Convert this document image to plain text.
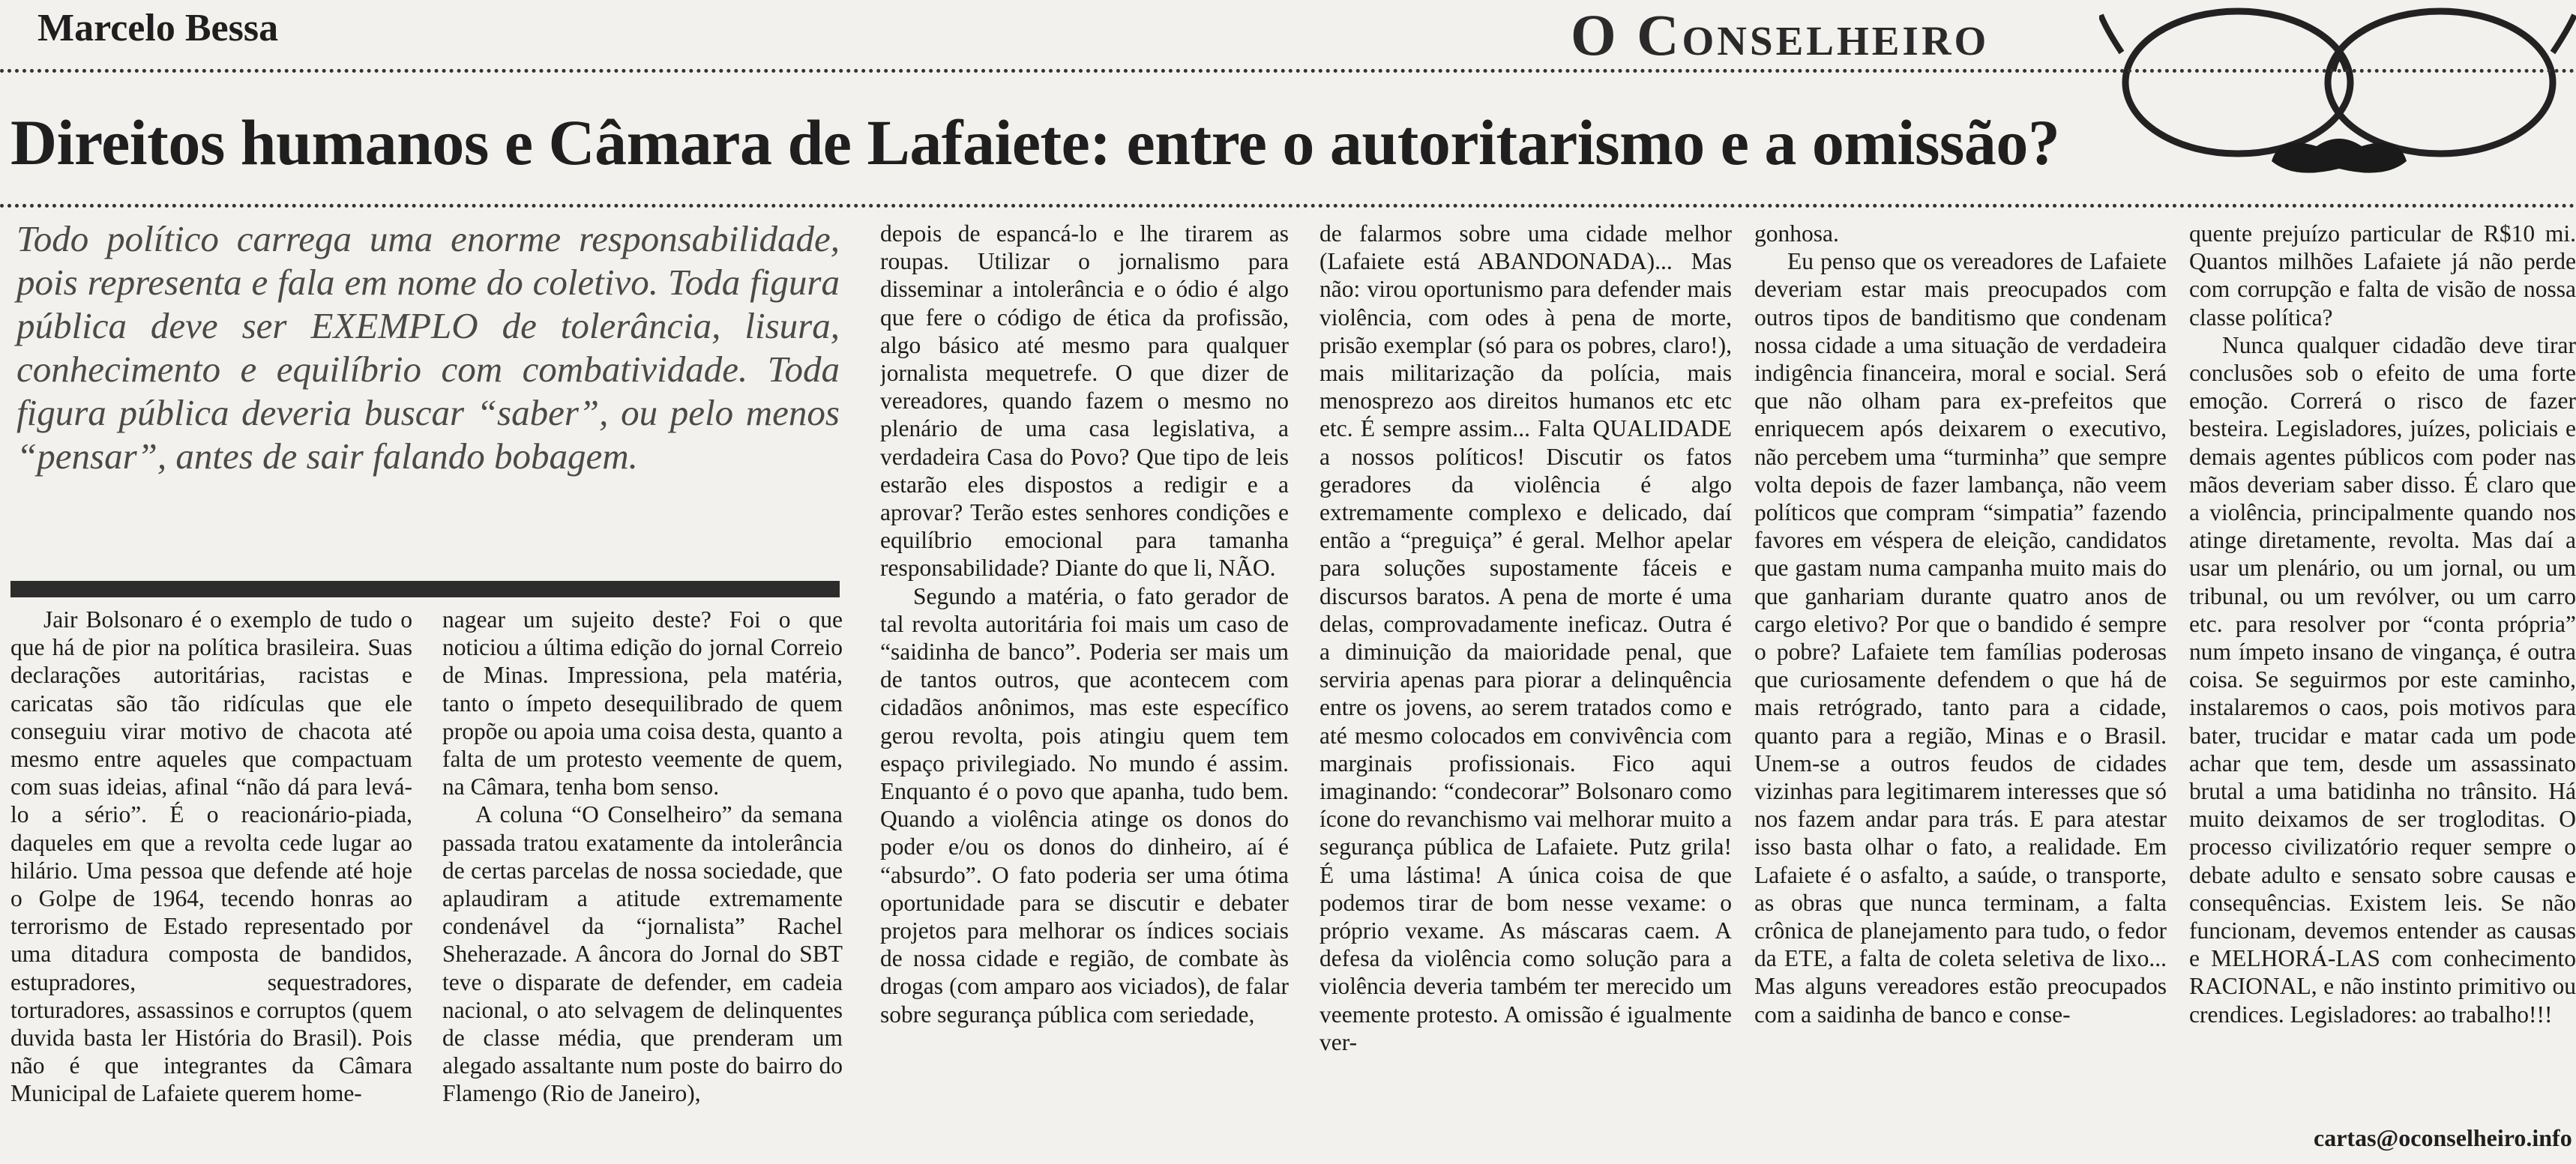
Marcelo Bessa	O Conselheiro
Direitos humanos e Câmara de Lafaiete: entre o autoritarismo e a omissão?
Todo político carrega uma enorme responsabilidade, pois representa e fala em nome do coletivo. Toda figura pública deve ser EXEMPLO de tolerância, lisura, conhecimento e equilíbrio com combatividade. Toda figura pública deveria buscar “saber”, ou pelo menos “pensar”, antes de sair falando bobagem.

Jair Bolsonaro é o exemplo de tudo o que há de pior na política brasileira. Suas declarações autoritárias, racistas e caricatas são tão ridículas que ele conseguiu virar motivo de chacota até mesmo entre aqueles que compactuam com suas ideias, afinal “não dá para levá-lo a sério”. É o reacionário-piada, daqueles em que a revolta cede lugar ao hilário. Uma pessoa que defende até hoje o Golpe de 1964, tecendo honras ao terrorismo de Estado representado por uma ditadura composta de bandidos, estupradores, sequestradores, torturadores, assassinos e corruptos (quem duvida basta ler História do Brasil). Pois não é que integrantes da Câmara Municipal de Lafaiete querem home-

nagear um sujeito deste? Foi o que noticiou a última edição do jornal Correio de Minas. Impressiona, pela matéria, tanto o ímpeto desequilibrado de quem propõe ou apoia uma coisa desta, quanto a falta de um protesto veemente de quem, na Câmara, tenha bom senso.

A coluna “O Conselheiro” da semana passada tratou exatamente da intolerância de certas parcelas de nossa sociedade, que aplaudiram a atitude extremamente condenável da “jornalista” Rachel Sheherazade. A âncora do Jornal do SBT teve o disparate de defender, em cadeia nacional, o ato selvagem de delinquentes de classe média, que prenderam um alegado assaltante num poste do bairro do Flamengo (Rio de Janeiro),

depois de espancá-lo e lhe tirarem as roupas. Utilizar o jornalismo para disseminar a intolerância e o ódio é algo que fere o código de ética da profissão, algo básico até mesmo para qualquer jornalista mequetrefe. O que dizer de vereadores, quando fazem o mesmo no plenário de uma casa legislativa, a verdadeira Casa do Povo? Que tipo de leis estarão eles dispostos a redigir e a aprovar? Terão estes senhores condições e equilíbrio emocional para tamanha responsabilidade? Diante do que li, NÃO.

Segundo a matéria, o fato gerador de tal revolta autoritária foi mais um caso de “saidinha de banco”. Poderia ser mais um de tantos outros, que acontecem com cidadãos anônimos, mas este específico gerou revolta, pois atingiu quem tem espaço privilegiado. No mundo é assim. Enquanto é o povo que apanha, tudo bem. Quando a violência atinge os donos do poder e/ou os donos do dinheiro, aí é “absurdo”. O fato poderia ser uma ótima oportunidade para se discutir e debater projetos para melhorar os índices sociais de nossa cidade e região, de combate às drogas (com amparo aos viciados), de falar sobre segurança pública com seriedade,

de falarmos sobre uma cidade melhor (Lafaiete está ABANDONADA)... Mas não: virou oportunismo para defender mais violência, com odes à pena de morte, prisão exemplar (só para os pobres, claro!), mais militarização da polícia, mais menosprezo aos direitos humanos etc etc etc. É sempre assim... Falta QUALIDADE a nossos políticos! Discutir os fatos geradores da violência é algo extremamente complexo e delicado, daí então a “preguiça” é geral. Melhor apelar para soluções supostamente fáceis e discursos baratos. A pena de morte é uma delas, comprovadamente ineficaz. Outra é a diminuição da maioridade penal, que serviria apenas para piorar a delinquência entre os jovens, ao serem tratados como e até mesmo colocados em convivência com marginais profissionais. Fico aqui imaginando: “condecorar” Bolsonaro como ícone do revanchismo vai melhorar muito a segurança pública de Lafaiete. Putz grila! É uma lástima! A única coisa de que podemos tirar de bom nesse vexame: o próprio vexame. As máscaras caem. A defesa da violência como solução para a violência deveria também ter merecido um veemente protesto. A omissão é igualmente ver-

gonhosa.

Eu penso que os vereadores de Lafaiete deveriam estar mais preocupados com outros tipos de banditismo que condenam nossa cidade a uma situação de verdadeira indigência financeira, moral e social. Será que não olham para ex-prefeitos que enriquecem após deixarem o executivo, não percebem uma “turminha” que sempre volta depois de fazer lambança, não veem políticos que compram “simpatia” fazendo favores em véspera de eleição, candidatos que gastam numa campanha muito mais do que ganhariam durante quatro anos de cargo eletivo? Por que o bandido é sempre o pobre? Lafaiete tem famílias poderosas que curiosamente defendem o que há de mais retrógrado, tanto para a cidade, quanto para a região, Minas e o Brasil. Unem-se a outros feudos de cidades vizinhas para legitimarem interesses que só nos fazem andar para trás. E para atestar isso basta olhar o fato, a realidade. Em Lafaiete é o asfalto, a saúde, o transporte, as obras que nunca terminam, a falta crônica de planejamento para tudo, o fedor da ETE, a falta de coleta seletiva de lixo... Mas alguns vereadores estão preocupados com a saidinha de banco e conse-

quente prejuízo particular de R$10 mi. Quantos milhões Lafaiete já não perde com corrupção e falta de visão de nossa classe política?

Nunca qualquer cidadão deve tirar conclusões sob o efeito de uma forte emoção. Correrá o risco de fazer besteira. Legisladores, juízes, policiais e demais agentes públicos com poder nas mãos deveriam saber disso. É claro que a violência, principalmente quando nos atinge diretamente, revolta. Mas daí a usar um plenário, ou um jornal, ou um tribunal, ou um revólver, ou um carro etc. para resolver por “conta própria” num ímpeto insano de vingança, é outra coisa. Se seguirmos por este caminho, instalaremos o caos, pois motivos para bater, trucidar e matar cada um pode achar que tem, desde um assassinato brutal a uma batidinha no trânsito. Há muito deixamos de ser trogloditas. O processo civilizatório requer sempre o debate adulto e sensato sobre causas e consequências. Existem leis. Se não funcionam, devemos entender as causas e MELHORÁ-LAS com conhecimento RACIONAL, e não instinto primitivo ou crendices. Legisladores: ao trabalho!!!

cartas@oconselheiro.info
